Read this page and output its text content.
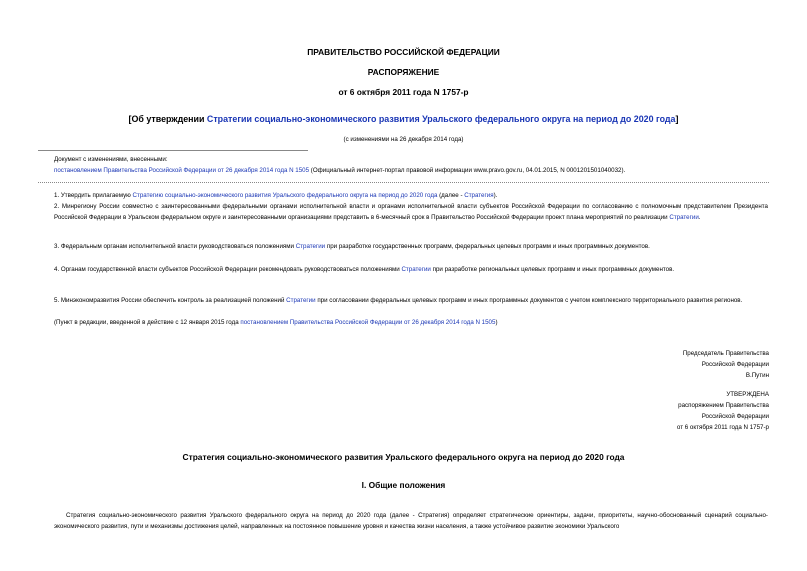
ПРАВИТЕЛЬСТВО РОССИЙСКОЙ ФЕДЕРАЦИИ
РАСПОРЯЖЕНИЕ
от 6 октября 2011 года N 1757-р
[Об утверждении Стратегии социально-экономического развития Уральского федерального округа на период до 2020 года]
(с изменениями на 26 декабря 2014 года)
Документ с изменениями, внесенными:
постановлением Правительства Российской Федерации от 26 декабря 2014 года N 1505 (Официальный интернет-портал правовой информации www.pravo.gov.ru, 04.01.2015, N 0001201501040032).
1. Утвердить прилагаемую Стратегию социально-экономического развития Уральского федерального округа на период до 2020 года (далее - Стратегия).
2. Минрегиону России совместно с заинтересованными федеральными органами исполнительной власти и органами исполнительной власти субъектов Российской Федерации по согласованию с полномочным представителем Президента Российской Федерации в Уральском федеральном округе и заинтересованными организациями представить в 6-месячный срок в Правительство Российской Федерации проект плана мероприятий по реализации Стратегии.
3. Федеральным органам исполнительной власти руководствоваться положениями Стратегии при разработке государственных программ, федеральных целевых программ и иных программных документов.
4. Органам государственной власти субъектов Российской Федерации рекомендовать руководствоваться положениями Стратегии при разработке региональных целевых программ и иных программных документов.
5. Минэкономразвития России обеспечить контроль за реализацией положений Стратегии при согласовании федеральных целевых программ и иных программных документов с учетом комплексного территориального развития регионов.
(Пункт в редакции, введенной в действие с 12 января 2015 года постановлением Правительства Российской Федерации от 26 декабря 2014 года N 1505)
Председатель Правительства
Российской Федерации
В.Путин
УТВЕРЖДЕНА
распоряжением Правительства
Российской Федерации
от 6 октября 2011 года N 1757-р
Стратегия социально-экономического развития Уральского федерального округа на период до 2020 года
I. Общие положения
Стратегия социально-экономического развития Уральского федерального округа на период до 2020 года (далее - Стратегия) определяет стратегические ориентиры, задачи, приоритеты, научно-обоснованный сценарий социально-экономического развития, пути и механизмы достижения целей, направленных на постоянное повышение уровня и качества жизни населения, а также устойчивое развитие экономики Уральского
